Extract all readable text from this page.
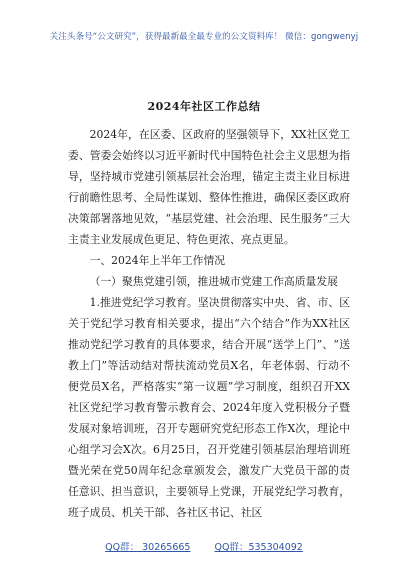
关注头条号“公文研究”，获得最新最全最专业的公文资料库！ 微信：gongwenyj
2024年社区工作总结

2024年，在区委、区政府的坚强领导下，XX社区党工委、管委会始终以习近平新时代中国特色社会主义思想为指导，坚持城市党建引领基层社会治理，锚定主责主业目标进行前瞻性思考、全局性谋划、整体性推进，确保区委区政府决策部署落地见效，“基层党建、社会治理、民生服务”三大主责主业发展成色更足、特色更浓、亮点更显。

一、2024年上半年工作情况

（一）聚焦党建引领，推进城市党建工作高质量发展

1.推进党纪学习教育。坚决贯彻落实中央、省、市、区关于党纪学习教育相关要求，提出“六个结合”作为XX社区推动党纪学习教育的具体要求，结合开展“送学上门”、“送教上门”等活动结对帮扶流动党员X名，年老体弱、行动不便党员X名，严格落实“第一议题”学习制度，组织召开XX社区党纪学习教育警示教育会、2024年度入党积极分子暨发展对象培训班，召开专题研究党纪形态工作X次，理论中心组学习会X次。6月25日，召开党建引领基层治理培训班暨光荣在党50周年纪念章颁发会，激发广大党员干部的责任意识、担当意识，主要领导上党课，开展党纪学习教育，班子成员、机关干部、各社区书记、社区

QQ群： 30265665	QQ群：535304092
